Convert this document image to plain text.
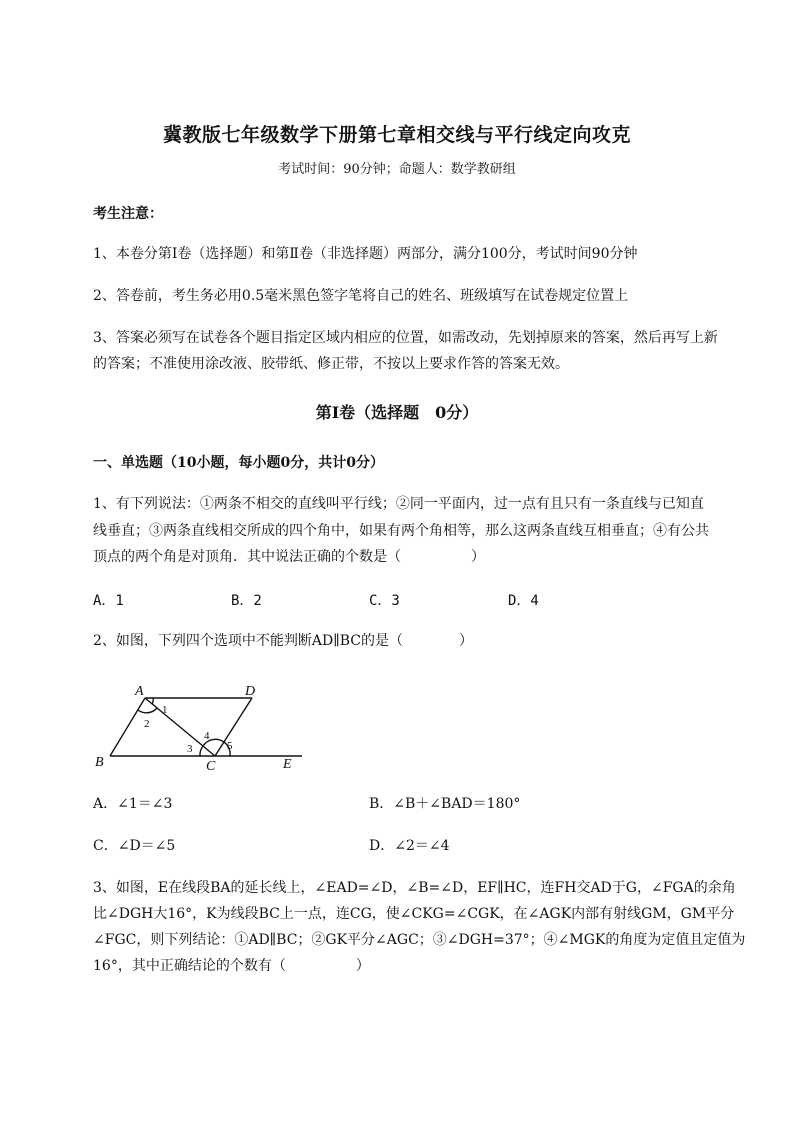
冀教版七年级数学下册第七章相交线与平行线定向攻克
考试时间：90分钟；命题人：数学教研组
考生注意：
1、本卷分第I卷（选择题）和第Ⅱ卷（非选择题）两部分，满分100分，考试时间90分钟
2、答卷前，考生务必用0.5毫米黑色签字笔将自己的姓名、班级填写在试卷规定位置上
3、答案必须写在试卷各个题目指定区域内相应的位置，如需改动，先划掉原来的答案，然后再写上新
的答案；不准使用涂改液、胶带纸、修正带，不按以上要求作答的答案无效。
第I卷（选择题　0分）
一、单选题（10小题，每小题0分，共计0分）
1、有下列说法：①两条不相交的直线叫平行线；②同一平面内，过一点有且只有一条直线与已知直
线垂直；③两条直线相交所成的四个角中，如果有两个角相等，那么这两条直线互相垂直；④有公共
顶点的两个角是对顶角．其中说法正确的个数是（　　　　　）
A．1	B．2	C．3	D．4
2、如图，下列四个选项中不能判断AD∥BC的是（　　　　）
A	D
B	C	E
1
2
3
4
5
A．∠1＝∠3	B．∠B＋∠BAD＝180°
C．∠D＝∠5	D．∠2＝∠4
3、如图，E在线段BA的延长线上，∠EAD=∠D，∠B=∠D，EF∥HC，连FH交AD于G，∠FGA的余角
比∠DGH大16°，K为线段BC上一点，连CG，使∠CKG=∠CGK，在∠AGK内部有射线GM，GM平分
∠FGC，则下列结论：①AD∥BC；②GK平分∠AGC；③∠DGH=37°；④∠MGK的角度为定值且定值为
16°，其中正确结论的个数有（　　　　　）
